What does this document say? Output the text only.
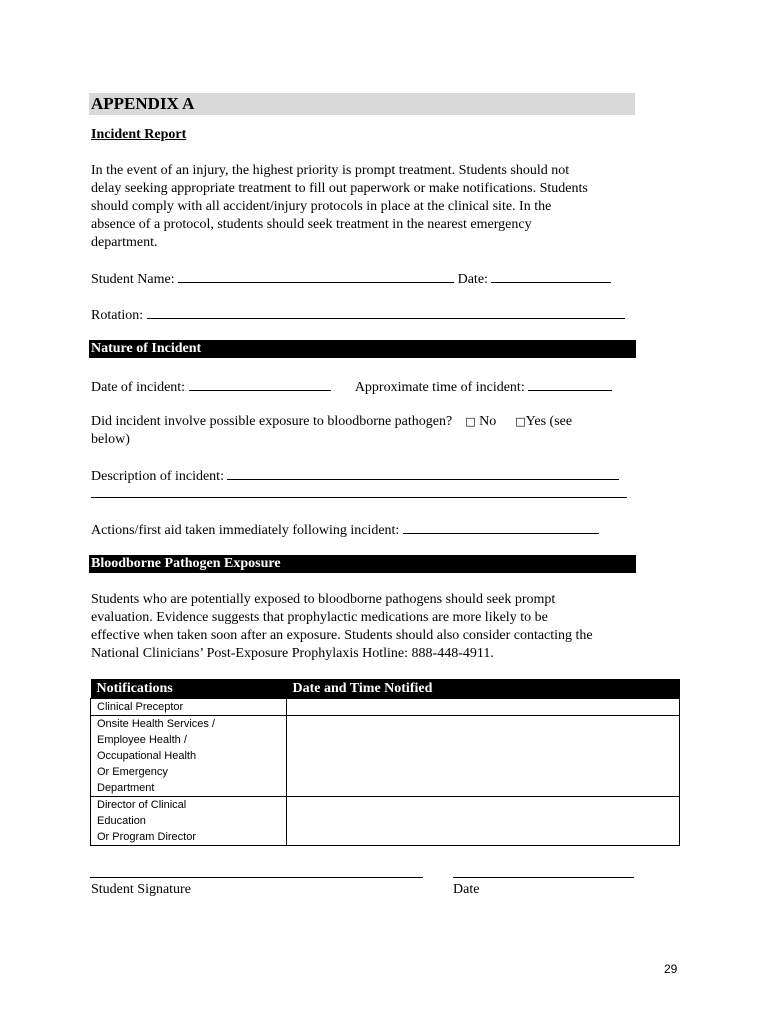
APPENDIX A
Incident Report
In the event of an injury, the highest priority is prompt treatment. Students should not
delay seeking appropriate treatment to fill out paperwork or make notifications. Students
should comply with all accident/injury protocols in place at the clinical site. In the
absence of a protocol, students should seek treatment in the nearest emergency
department.
Student Name:	Date:
Rotation:
Nature of Incident
Date of incident:	Approximate time of incident:
Did incident involve possible exposure to bloodborne pathogen? □ No □Yes (see
below)
Description of incident:
Actions/first aid taken immediately following incident:
Bloodborne Pathogen Exposure
Students who are potentially exposed to bloodborne pathogens should seek prompt
evaluation. Evidence suggests that prophylactic medications are more likely to be
effective when taken soon after an exposure. Students should also consider contacting the
National Clinicians’ Post-Exposure Prophylaxis Hotline: 888-448-4911.
Notifications	Date and Time Notified

Clinical Preceptor	

Onsite Health Services /
Employee Health /
Occupational Health
Or Emergency
Department	

Director of Clinical
Education
Or Program Director	

Student Signature	Date
29
